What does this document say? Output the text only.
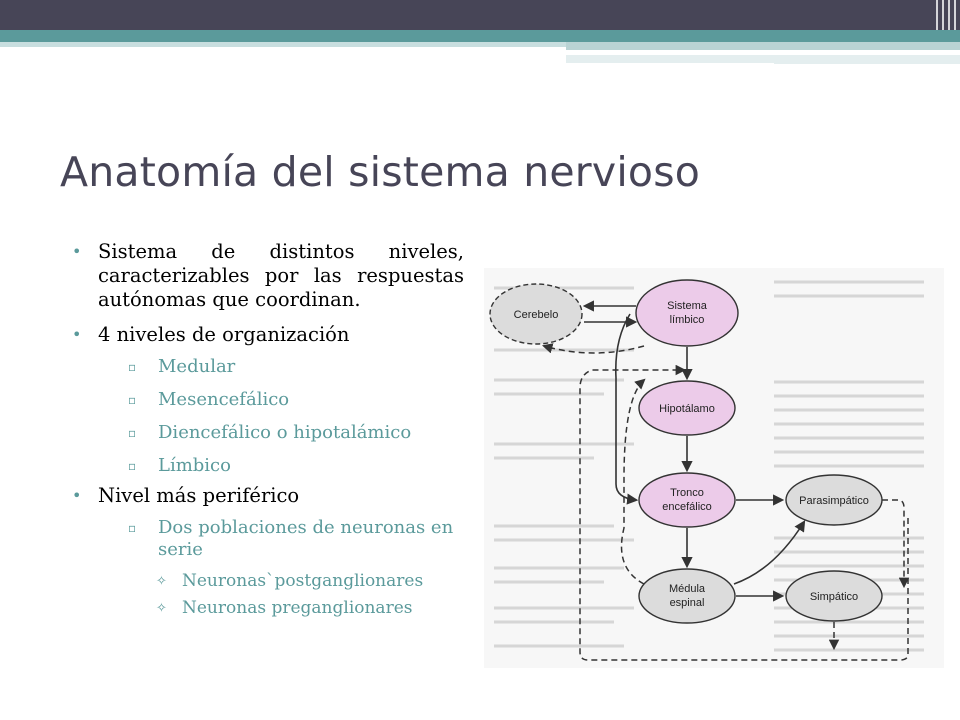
Anatomía del sistema nervioso
• Sistema de distintos niveles, caracterizables por las respuestas autónomas que coordinan.
• 4 niveles de organización
▫ Medular
▫ Mesencefálico
▫ Diencefálico o hipotalámico
▫ Límbico
• Nivel más periférico
▫ Dos poblaciones de neuronas en serie
✧ Neuronas`postganglionares
✧ Neuronas preganglionares
Cerebelo
Sistema
límbico
Hipotálamo
Tronco
encefálico	Parasimpático
Médula
espinal	Simpático
